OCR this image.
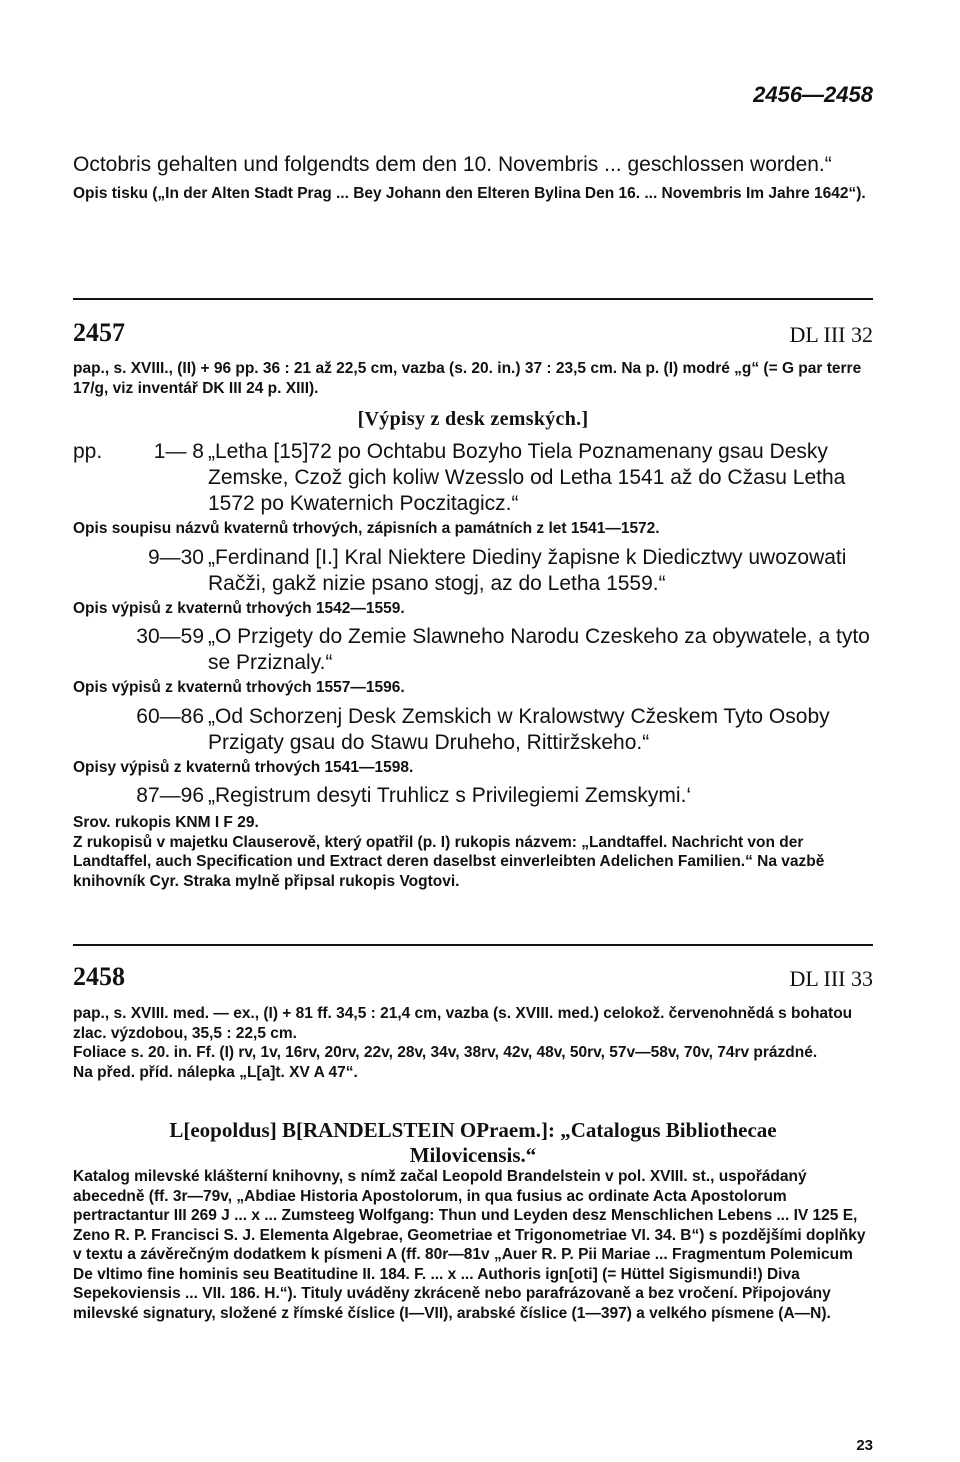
2456—2458

Octobris gehalten und folgendts dem den 10. Novembris ... geschlossen worden.“

Opis tisku („In der Alten Stadt Prag ... Bey Johann den Elteren Bylina Den 16. ... Novembris Im Jahre 1642“).

2457	DL III 32

pap., s. XVIII., (II) + 96 pp. 36 : 21 až 22,5 cm, vazba (s. 20. in.) 37 : 23,5 cm. Na p. (I) modré „g“ (= G par terre 17/g, viz inventář DK III 24 p. XIII).

[Výpisy z desk zemských.]
pp.	1— 8 „Letha [15]72 po Ochtabu Bozyho Tiela Poznamenany gsau Desky Zemske, Czož gich koliw Wzesslo od Letha 1541 až do Cžasu Letha 1572 po Kwaternich Poczitagicz.“

Opis soupisu názvů kvaternů trhových, zápisních a památních z let 1541—1572.

9—30 „Ferdinand [I.] Kral Niektere Diediny žapisne k Diedicztwy uwozowati Račži, gakž nizie psano stogj, az do Letha 1559.“

Opis výpisů z kvaternů trhových 1542—1559.

30—59 „O Przigety do Zemie Slawneho Narodu Czeskeho za obywatele, a tyto se Prziznaly.“

Opis výpisů z kvaternů trhových 1557—1596.

60—86 „Od Schorzenj Desk Zemskich w Kralowstwy Cžeskem Tyto Osoby Przigaty gsau do Stawu Druheho, Rittiržskeho.“

Opisy výpisů z kvaternů trhových 1541—1598.

87—96 „Registrum desyti Truhlicz s Privilegiemi Zemskymi.‘

Srov. rukopis KNM I F 29.

Z rukopisů v majetku Clauserově, který opatřil (p. I) rukopis názvem: „Landtaffel. Nachricht von der Landtaffel, auch Specification und Extract deren daselbst einverleibten Adelichen Familien.“ Na vazbě knihovník Cyr. Straka mylně připsal rukopis Vogtovi.

2458	DL III 33

pap., s. XVIII. med. — ex., (I) + 81 ff. 34,5 : 21,4 cm, vazba (s. XVIII. med.) celokož. červenohnědá s bohatou zlac. výzdobou, 35,5 : 22,5 cm.

Foliace s. 20. in. Ff. (I) rv, 1v, 16rv, 20rv, 22v, 28v, 34v, 38rv, 42v, 48v, 50rv, 57v—58v, 70v, 74rv prázdné.

Na před. příd. nálepka „L[a]t. XV A 47“.

L[eopoldus] B[RANDELSTEIN OPraem.]: „Catalogus Bibliothecae Milovicensis.“

Katalog milevské klášterní knihovny, s nímž začal Leopold Brandelstein v pol. XVIII. st., uspořádaný abecedně (ff. 3r—79v, „Abdiae Historia Apostolorum, in qua fusius ac ordinate Acta Apostolorum pertractantur III 269 J ... x ... Zumsteeg Wolfgang: Thun und Leyden desz Menschlichen Lebens ... IV 125 E, Zeno R. P. Francisci S. J. Elementa Algebrae, Geometriae et Trigonometriae VI. 34. B“) s pozdějšími doplňky v textu a závěrečným dodatkem k písmeni A (ff. 80r—81v „Auer R. P. Pii Mariae ... Fragmentum Polemicum De vltimo fine hominis seu Beatitudine II. 184. F. ... x ... Authoris ign[oti] (= Hüttel Sigismundi!) Diva Sepekoviensis ... VII. 186. H.“). Tituly uváděny zkráceně nebo parafrázovaně a bez vročení. Připojovány milevské signatury, složené z římské číslice (I—VII), arabské číslice (1—397) a velkého písmene (A—N).

23
